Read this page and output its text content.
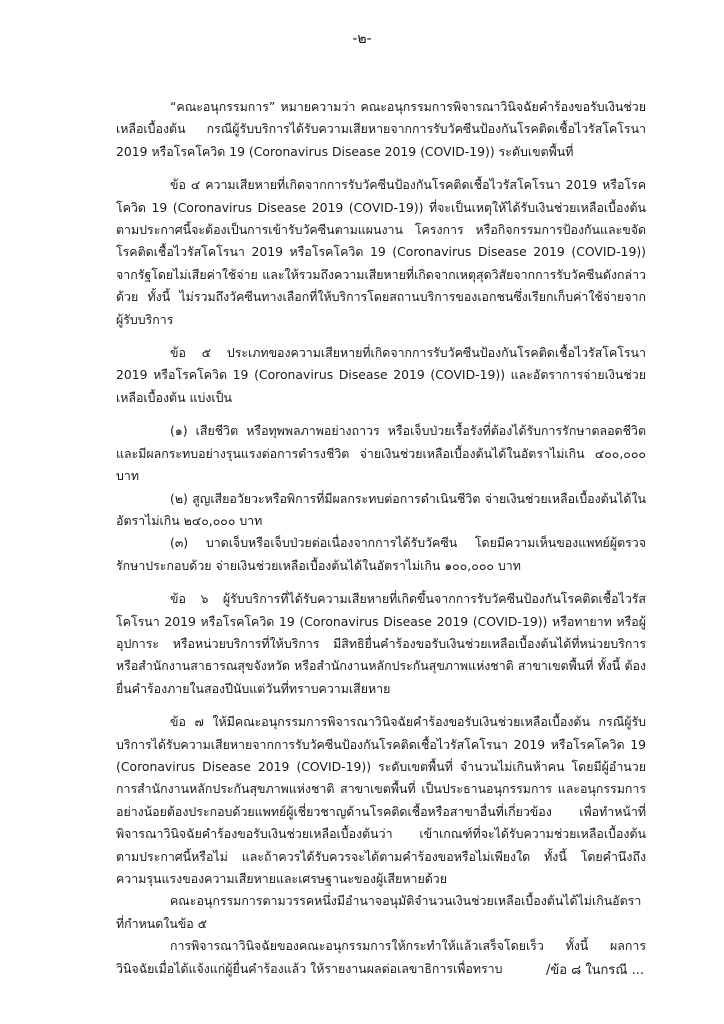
-๒-

“คณะอนุกรรมการ” หมายความว่า คณะอนุกรรมการพิจารณาวินิจฉัยคำร้องขอรับเงินช่วยเหลือเบื้องต้น กรณีผู้รับบริการได้รับความเสียหายจากการรับวัคซีนป้องกันโรคติดเชื้อไวรัสโคโรนา 2019 หรือโรคโควิด 19 (Coronavirus Disease 2019 (COVID-19)) ระดับเขตพื้นที่

ข้อ ๔ ความเสียหายที่เกิดจากการรับวัคซีนป้องกันโรคติดเชื้อไวรัสโคโรนา 2019 หรือโรคโควิด 19 (Coronavirus Disease 2019 (COVID-19)) ที่จะเป็นเหตุให้ได้รับเงินช่วยเหลือเบื้องต้นตามประกาศนี้จะต้องเป็นการเข้ารับวัคซีนตามแผนงาน โครงการ หรือกิจกรรมการป้องกันและขจัดโรคติดเชื้อไวรัสโคโรนา 2019 หรือโรคโควิด 19 (Coronavirus Disease 2019 (COVID-19)) จากรัฐโดยไม่เสียค่าใช้จ่าย และให้รวมถึงความเสียหายที่เกิดจากเหตุสุดวิสัยจากการรับวัคซีนดังกล่าวด้วย ทั้งนี้ ไม่รวมถึงวัคซีนทางเลือกที่ให้บริการโดยสถานบริการของเอกชนซึ่งเรียกเก็บค่าใช้จ่ายจากผู้รับบริการ

ข้อ ๕ ประเภทของความเสียหายที่เกิดจากการรับวัคซีนป้องกันโรคติดเชื้อไวรัสโคโรนา 2019 หรือโรคโควิด 19 (Coronavirus Disease 2019 (COVID-19)) และอัตราการจ่ายเงินช่วยเหลือเบื้องต้น แบ่งเป็น

(๑) เสียชีวิต หรือทุพพลภาพอย่างถาวร หรือเจ็บป่วยเรื้อรังที่ต้องได้รับการรักษาตลอดชีวิต และมีผลกระทบอย่างรุนแรงต่อการดำรงชีวิต จ่ายเงินช่วยเหลือเบื้องต้นได้ในอัตราไม่เกิน ๔๐๐,๐๐๐ บาท

(๒) สูญเสียอวัยวะหรือพิการที่มีผลกระทบต่อการดำเนินชีวิต จ่ายเงินช่วยเหลือเบื้องต้นได้ในอัตราไม่เกิน ๒๔๐,๐๐๐ บาท

(๓) บาดเจ็บหรือเจ็บป่วยต่อเนื่องจากการได้รับวัคซีน โดยมีความเห็นของแพทย์ผู้ตรวจรักษาประกอบด้วย จ่ายเงินช่วยเหลือเบื้องต้นได้ในอัตราไม่เกิน ๑๐๐,๐๐๐ บาท

ข้อ ๖ ผู้รับบริการที่ได้รับความเสียหายที่เกิดขึ้นจากการรับวัคซีนป้องกันโรคติดเชื้อไวรัสโคโรนา 2019 หรือโรคโควิด 19 (Coronavirus Disease 2019 (COVID-19)) หรือทายาท หรือผู้อุปการะ หรือหน่วยบริการที่ให้บริการ มีสิทธิยื่นคำร้องขอรับเงินช่วยเหลือเบื้องต้นได้ที่หน่วยบริการ หรือสำนักงานสาธารณสุขจังหวัด หรือสำนักงานหลักประกันสุขภาพแห่งชาติ สาขาเขตพื้นที่ ทั้งนี้ ต้องยื่นคำร้องภายในสองปีนับแต่วันที่ทราบความเสียหาย

ข้อ ๗ ให้มีคณะอนุกรรมการพิจารณาวินิจฉัยคำร้องขอรับเงินช่วยเหลือเบื้องต้น กรณีผู้รับบริการได้รับความเสียหายจากการรับวัคซีนป้องกันโรคติดเชื้อไวรัสโคโรนา 2019 หรือโรคโควิด 19 (Coronavirus Disease 2019 (COVID-19)) ระดับเขตพื้นที่ จำนวนไม่เกินห้าคน โดยมีผู้อำนวยการสำนักงานหลักประกันสุขภาพแห่งชาติ สาขาเขตพื้นที่ เป็นประธานอนุกรรมการ และอนุกรรมการอย่างน้อยต้องประกอบด้วยแพทย์ผู้เชี่ยวชาญด้านโรคติดเชื้อหรือสาขาอื่นที่เกี่ยวข้อง เพื่อทำหน้าที่พิจารณาวินิจฉัยคำร้องขอรับเงินช่วยเหลือเบื้องต้นว่า เข้าเกณฑ์ที่จะได้รับความช่วยเหลือเบื้องต้นตามประกาศนี้หรือไม่ และถ้าควรได้รับควรจะได้ตามคำร้องขอหรือไม่เพียงใด ทั้งนี้ โดยคำนึงถึงความรุนแรงของความเสียหายและเศรษฐานะของผู้เสียหายด้วย

คณะอนุกรรมการตามวรรคหนึ่งมีอำนาจอนุมัติจำนวนเงินช่วยเหลือเบื้องต้นได้ไม่เกินอัตราที่กำหนดในข้อ ๕

การพิจารณาวินิจฉัยของคณะอนุกรรมการให้กระทำให้แล้วเสร็จโดยเร็ว ทั้งนี้ ผลการวินิจฉัยเมื่อได้แจ้งแก่ผู้ยื่นคำร้องแล้ว ให้รายงานผลต่อเลขาธิการเพื่อทราบ	/ข้อ ๘ ในกรณี ...
